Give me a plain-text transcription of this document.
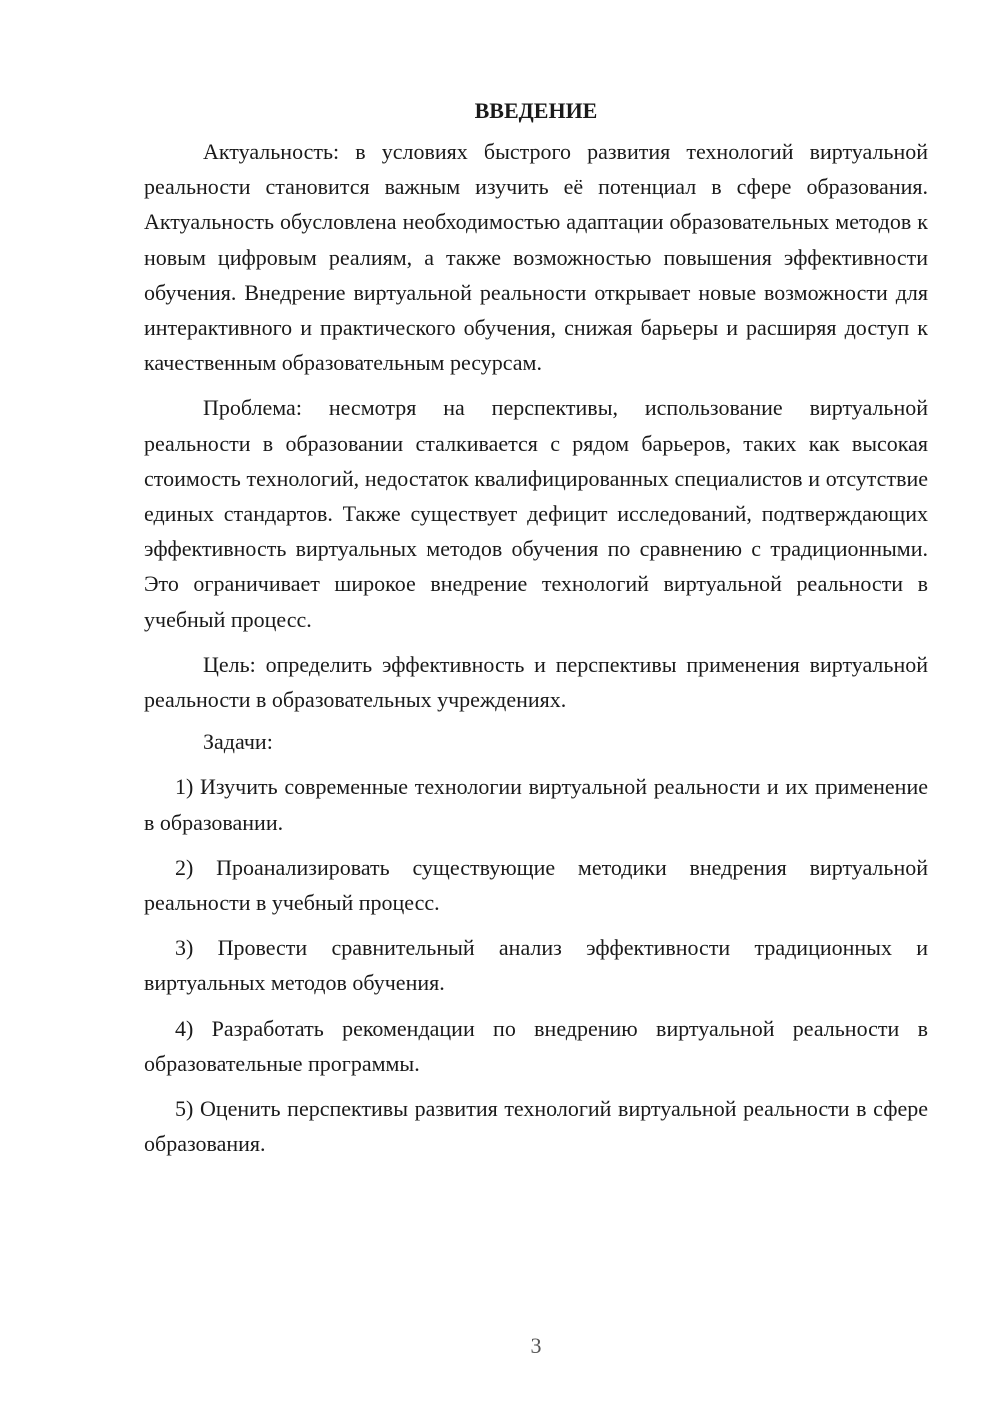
ВВЕДЕНИЕ

Актуальность: в условиях быстрого развития технологий виртуальной реальности становится важным изучить её потенциал в сфере образования. Актуальность обусловлена необходимостью адаптации образовательных методов к новым цифровым реалиям, а также возможностью повышения эффективности обучения. Внедрение виртуальной реальности открывает новые возможности для интерактивного и практического обучения, снижая барьеры и расширяя доступ к качественным образовательным ресурсам.

Проблема: несмотря на перспективы, использование виртуальной реальности в образовании сталкивается с рядом барьеров, таких как высокая стоимость технологий, недостаток квалифицированных специалистов и отсутствие единых стандартов. Также существует дефицит исследований, подтверждающих эффективность виртуальных методов обучения по сравнению с традиционными. Это ограничивает широкое внедрение технологий виртуальной реальности в учебный процесс.

Цель: определить эффективность и перспективы применения виртуальной реальности в образовательных учреждениях.

Задачи:

1) Изучить современные технологии виртуальной реальности и их применение в образовании.

2) Проанализировать существующие методики внедрения виртуальной реальности в учебный процесс.

3) Провести сравнительный анализ эффективности традиционных и виртуальных методов обучения.

4) Разработать рекомендации по внедрению виртуальной реальности в образовательные программы.

5) Оценить перспективы развития технологий виртуальной реальности в сфере образования.

3
